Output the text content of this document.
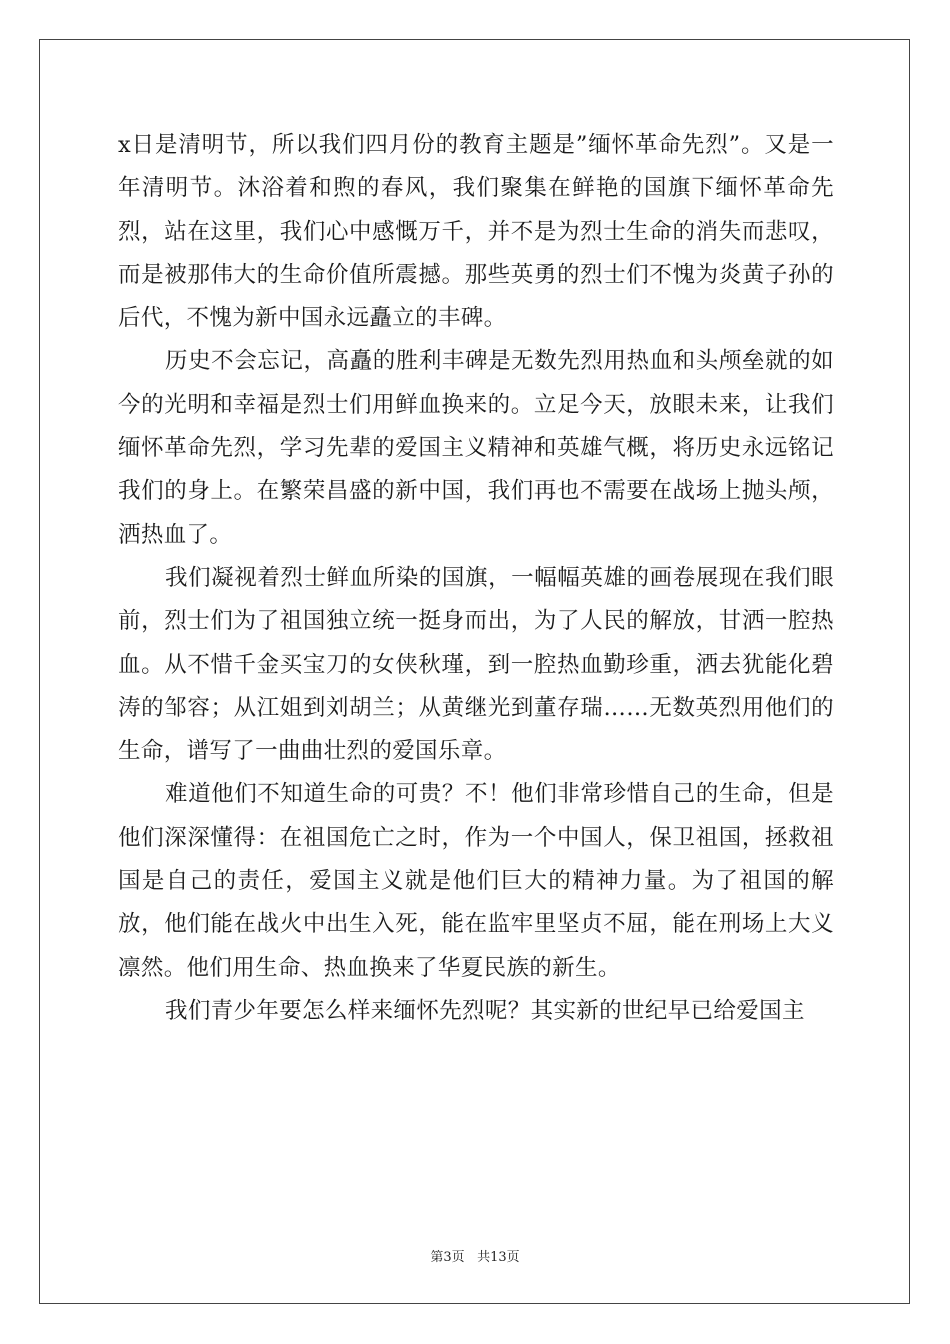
x日是清明节，所以我们四月份的教育主题是”缅怀革命先烈”。又是一年清明节。沐浴着和煦的春风，我们聚集在鲜艳的国旗下缅怀革命先烈，站在这里，我们心中感慨万千，并不是为烈士生命的消失而悲叹，而是被那伟大的生命价值所震撼。那些英勇的烈士们不愧为炎黄子孙的后代，不愧为新中国永远矗立的丰碑。

历史不会忘记，高矗的胜利丰碑是无数先烈用热血和头颅垒就的如今的光明和幸福是烈士们用鲜血换来的。立足今天，放眼未来，让我们缅怀革命先烈，学习先辈的爱国主义精神和英雄气概，将历史永远铭记我们的身上。在繁荣昌盛的新中国，我们再也不需要在战场上抛头颅，洒热血了。

我们凝视着烈士鲜血所染的国旗，一幅幅英雄的画卷展现在我们眼前，烈士们为了祖国独立统一挺身而出，为了人民的解放，甘洒一腔热血。从不惜千金买宝刀的女侠秋瑾，到一腔热血勤珍重，洒去犹能化碧涛的邹容；从江姐到刘胡兰；从黄继光到董存瑞……无数英烈用他们的生命，谱写了一曲曲壮烈的爱国乐章。

难道他们不知道生命的可贵？不！他们非常珍惜自己的生命，但是他们深深懂得：在祖国危亡之时，作为一个中国人，保卫祖国，拯救祖国是自己的责任，爱国主义就是他们巨大的精神力量。为了祖国的解放，他们能在战火中出生入死，能在监牢里坚贞不屈，能在刑场上大义凛然。他们用生命、热血换来了华夏民族的新生。

我们青少年要怎么样来缅怀先烈呢？其实新的世纪早已给爱国主

第3页 共13页
